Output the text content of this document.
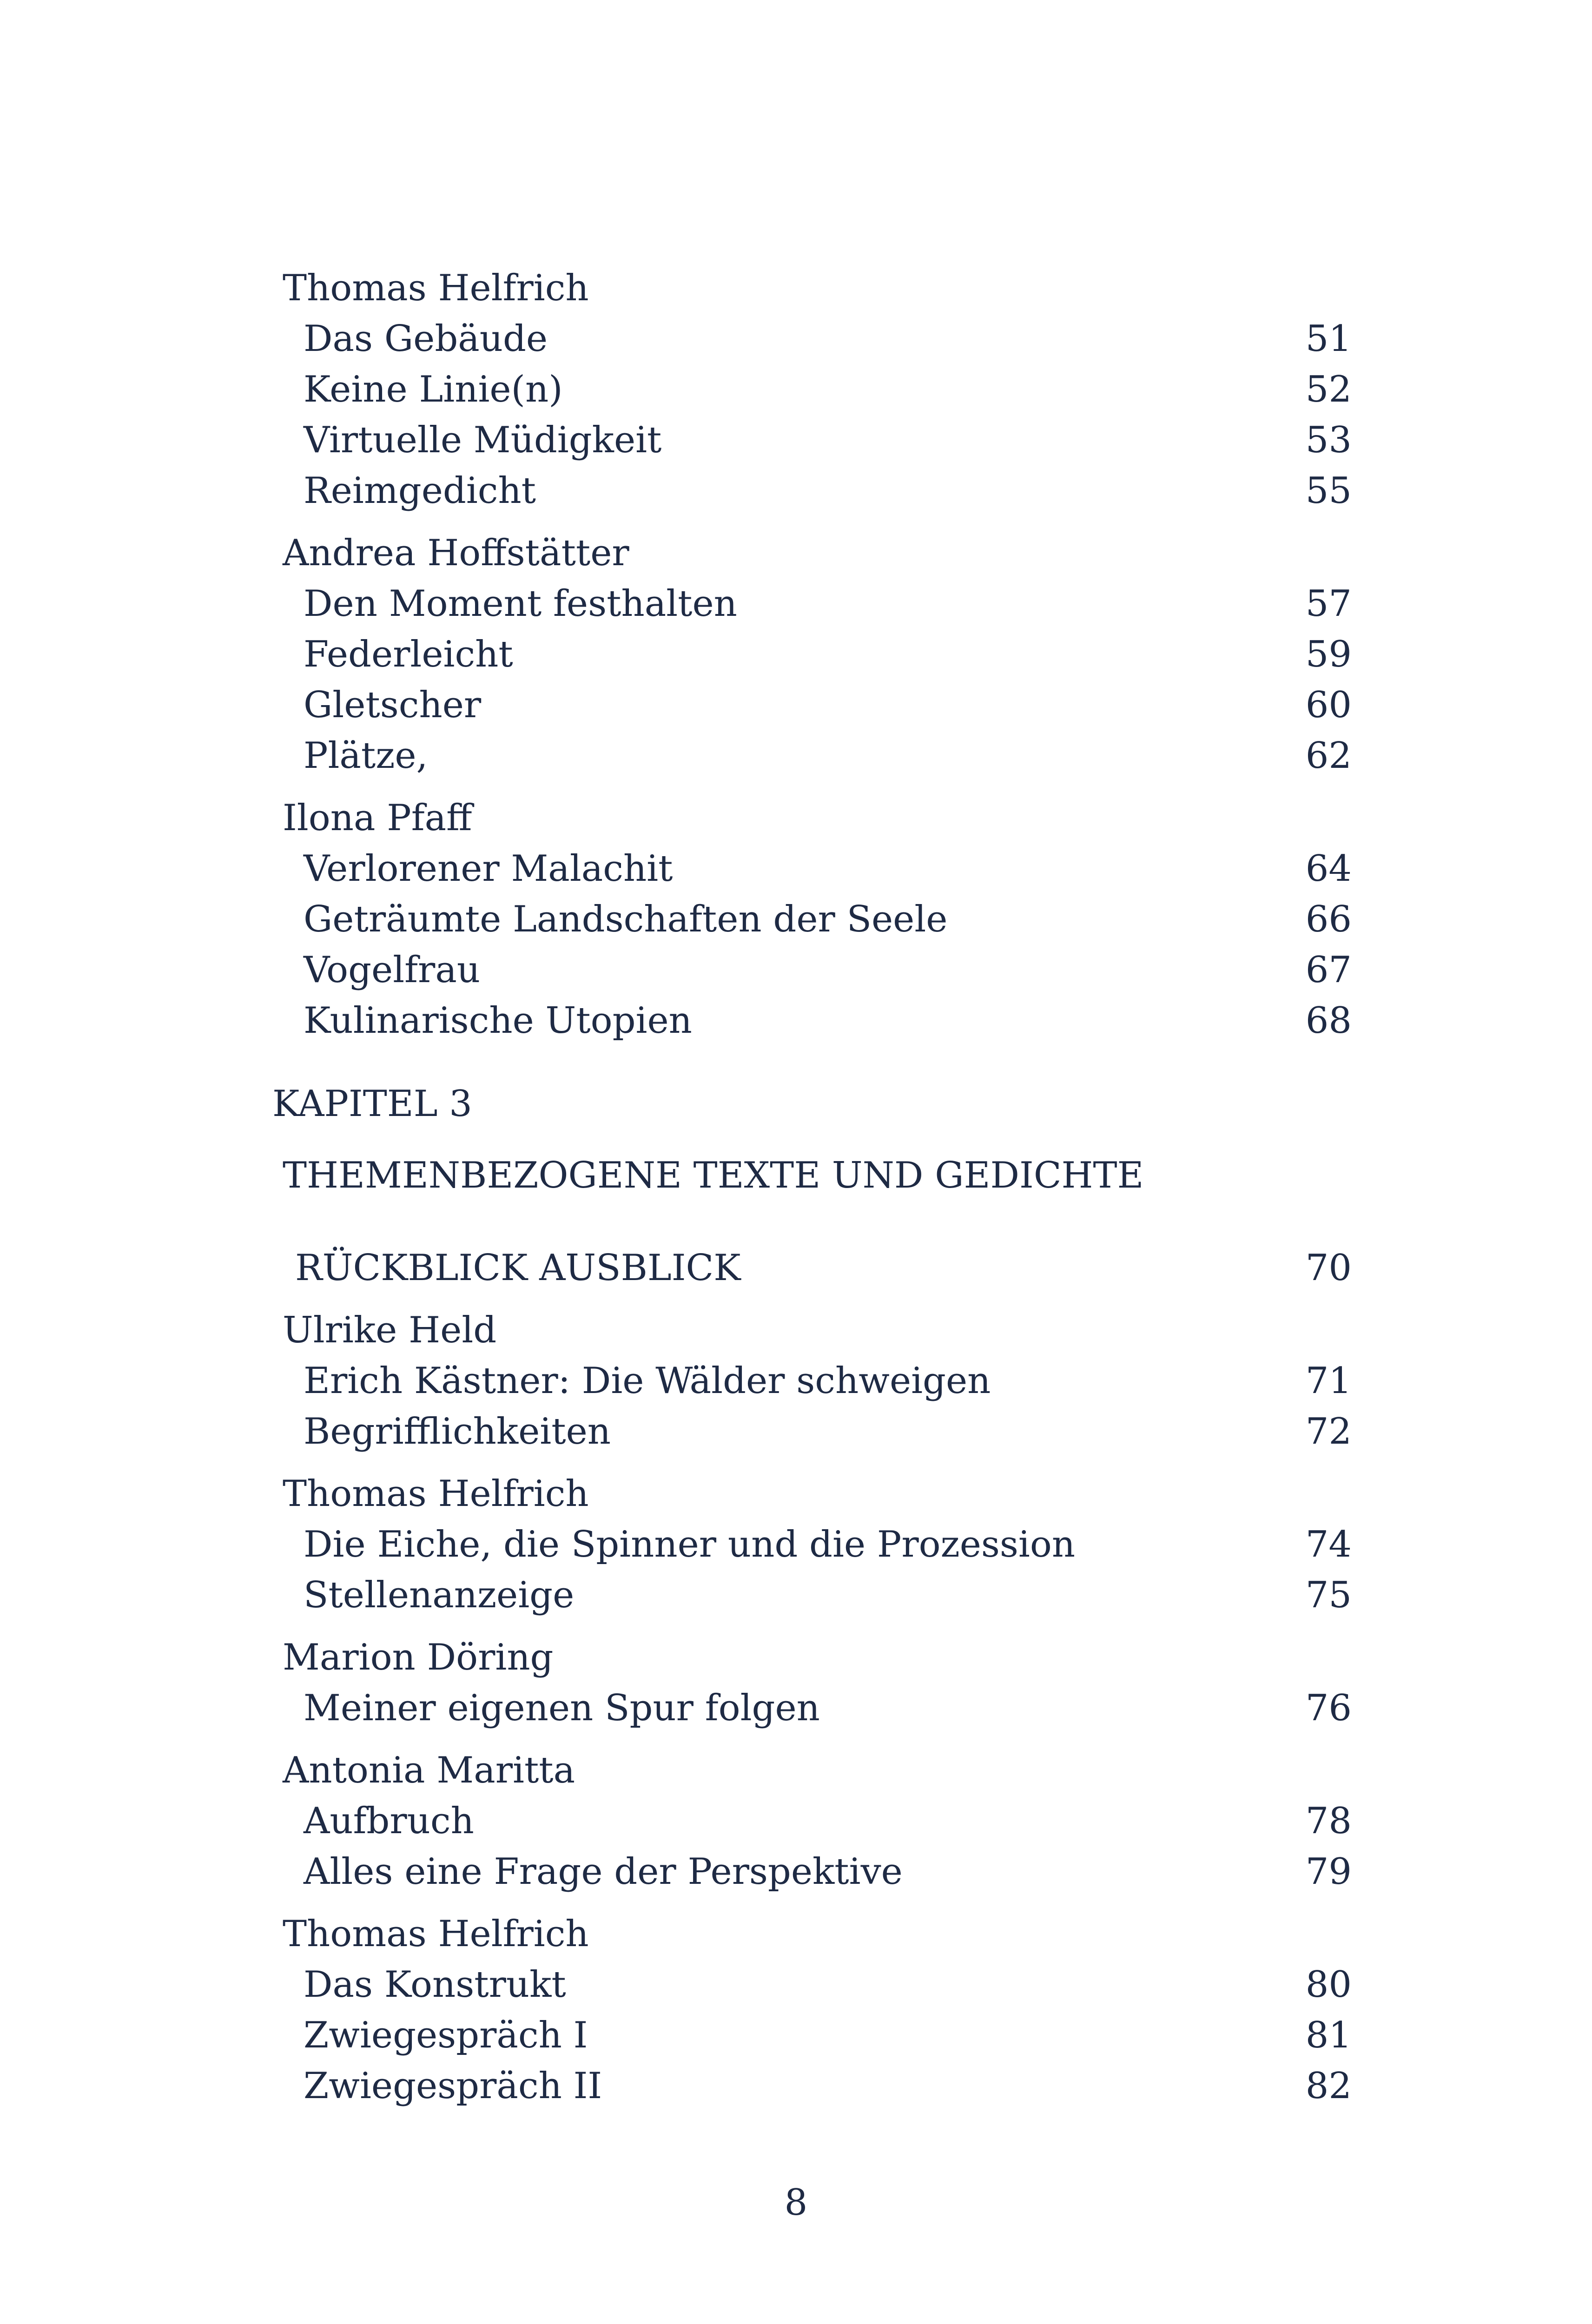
Thomas Helfrich
Das Gebäude	51
Keine Linie(n)	52
Virtuelle Müdigkeit	53
Reimgedicht	55
Andrea Hoffstätter
Den Moment festhalten	57
Federleicht	59
Gletscher	60
Plätze,	62
Ilona Pfaff
Verlorener Malachit	64
Geträumte Landschaften der Seele	66
Vogelfrau	67
Kulinarische Utopien	68
KAPITEL 3
THEMENBEZOGENE TEXTE UND GEDICHTE
RÜCKBLICK AUSBLICK	70
Ulrike Held
Erich Kästner: Die Wälder schweigen	71
Begrifflichkeiten	72
Thomas Helfrich
Die Eiche, die Spinner und die Prozession	74
Stellenanzeige	75
Marion Döring
Meiner eigenen Spur folgen	76
Antonia Maritta
Aufbruch	78
Alles eine Frage der Perspektive	79
Thomas Helfrich
Das Konstrukt	80
Zwiegespräch I	81
Zwiegespräch II	82
8
